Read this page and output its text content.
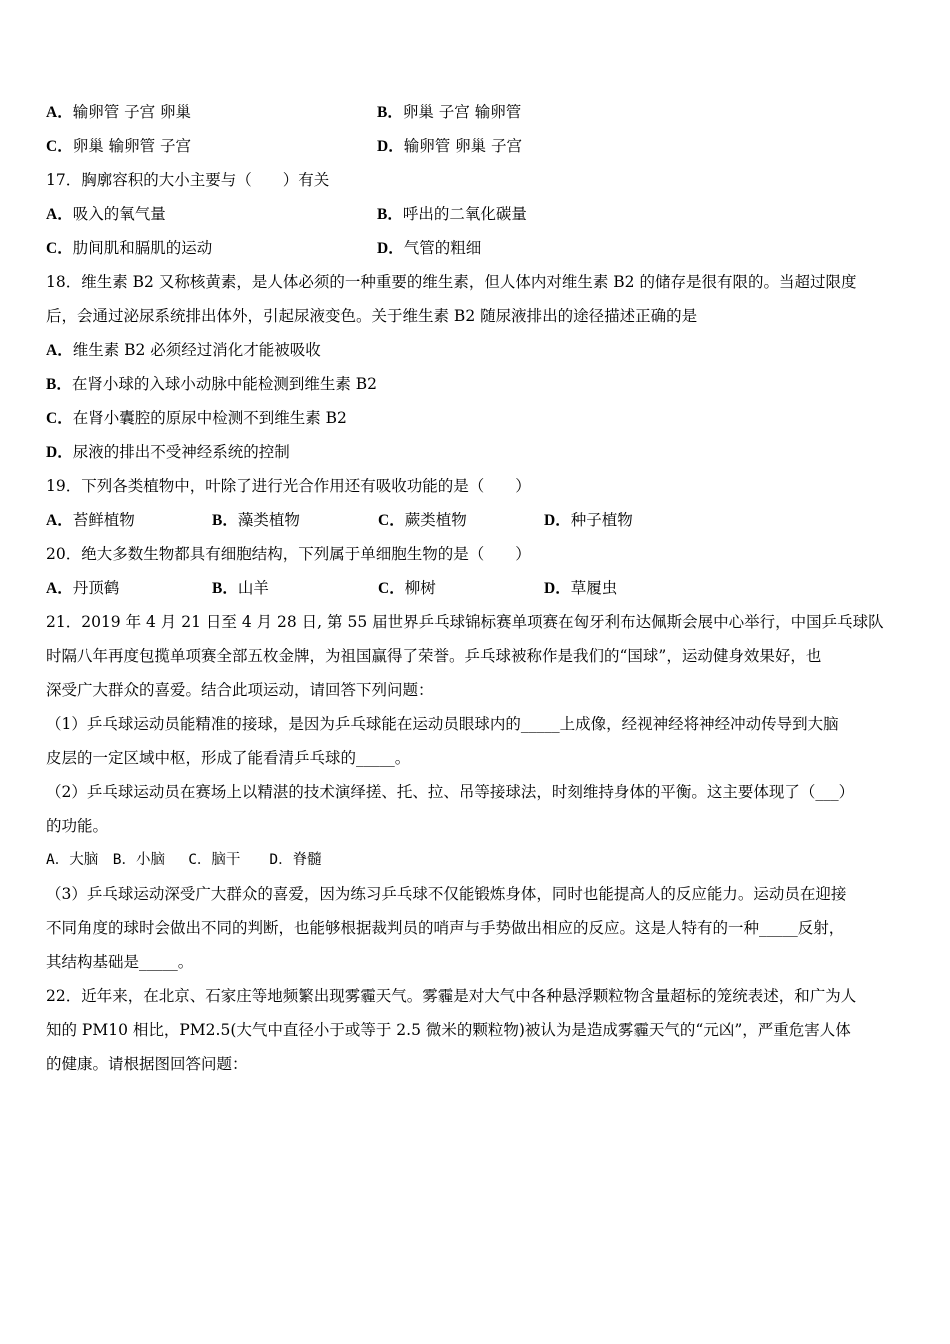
A．输卵管 子宫 卵巢	B．卵巢 子宫 输卵管
C．卵巢 输卵管 子宫	D．输卵管 卵巢 子宫
17．胸廓容积的大小主要与（　　）有关
A．吸入的氧气量	B．呼出的二氧化碳量
C．肋间肌和膈肌的运动	D．气管的粗细
18．维生素 B2 又称核黄素，是人体必须的一种重要的维生素，但人体内对维生素 B2 的储存是很有限的。当超过限度
后，会通过泌尿系统排出体外，引起尿液变色。关于维生素 B2 随尿液排出的途径描述正确的是
A．维生素 B2 必须经过消化才能被吸收
B．在肾小球的入球小动脉中能检测到维生素 B2
C．在肾小囊腔的原尿中检测不到维生素 B2
D．尿液的排出不受神经系统的控制
19．下列各类植物中，叶除了进行光合作用还有吸收功能的是（　　）
A．苔鲜植物	B．藻类植物	C．蕨类植物	D．种子植物
20．绝大多数生物都具有细胞结构，下列属于单细胞生物的是（　　）
A．丹顶鹤	B．山羊	C．柳树	D．草履虫
21．2019 年 4 月 21 日至 4 月 28 日, 第 55 届世界乒乓球锦标赛单项赛在匈牙利布达佩斯会展中心举行，中国乒乓球队
时隔八年再度包揽单项赛全部五枚金牌，为祖国赢得了荣誉。乒乓球被称作是我们的“国球”，运动健身效果好，也
深受广大群众的喜爱。结合此项运动，请回答下列问题：
（1）乒乓球运动员能精准的接球，是因为乒乓球能在运动员眼球内的_____上成像，经视神经将神经冲动传导到大脑
皮层的一定区域中枢，形成了能看清乒乓球的_____。
（2）乒乓球运动员在赛场上以精湛的技术演绎搓、托、拉、吊等接球法，时刻维持身体的平衡。这主要体现了（___）
的功能。
A．大脑　B．小脑　 C．脑干　　D．脊髓
（3）乒乓球运动深受广大群众的喜爱，因为练习乒乓球不仅能锻炼身体，同时也能提高人的反应能力。运动员在迎接
不同角度的球时会做出不同的判断，也能够根据裁判员的哨声与手势做出相应的反应。这是人特有的一种_____反射，
其结构基础是_____。
22．近年来，在北京、石家庄等地频繁出现雾霾天气。雾霾是对大气中各种悬浮颗粒物含量超标的笼统表述，和广为人
知的 PM10 相比，PM2.5(大气中直径小于或等于 2.5 微米的颗粒物)被认为是造成雾霾天气的“元凶”，严重危害人体
的健康。请根据图回答问题：
